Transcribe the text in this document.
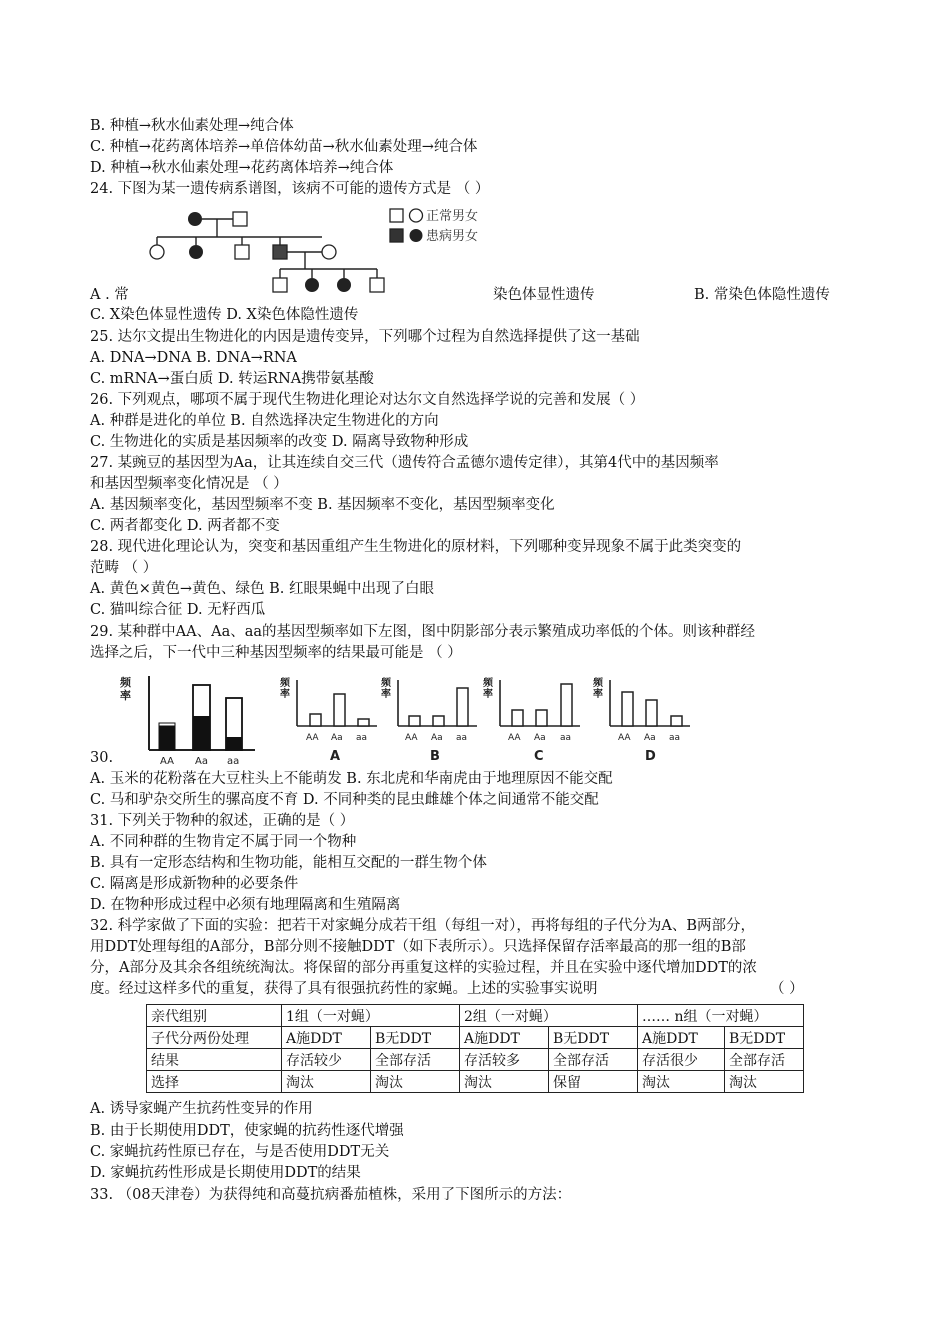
B. 种植→秋水仙素处理→纯合体
C. 种植→花药离体培养→单倍体幼苗→秋水仙素处理→纯合体
D. 种植→秋水仙素处理→花药离体培养→纯合体
24. 下图为某一遗传病系谱图，该病不可能的遗传方式是 （ ）
正常男女
患病男女
A . 常	染色体显性遗传	B. 常染色体隐性遗传
C. X染色体显性遗传 D. X染色体隐性遗传
25. 达尔文提出生物进化的内因是遗传变异，下列哪个过程为自然选择提供了这一基础
A. DNA→DNA B. DNA→RNA
C. mRNA→蛋白质 D. 转运RNA携带氨基酸
26. 下列观点，哪项不属于现代生物进化理论对达尔文自然选择学说的完善和发展（ ）
A. 种群是进化的单位 B. 自然选择决定生物进化的方向
C. 生物进化的实质是基因频率的改变 D. 隔离导致物种形成
27. 某豌豆的基因型为Aa，让其连续自交三代（遗传符合孟德尔遗传定律），其第4代中的基因频率
和基因型频率变化情况是 （ ）
A. 基因频率变化，基因型频率不变 B. 基因频率不变化，基因型频率变化
C. 两者都变化 D. 两者都不变
28. 现代进化理论认为，突变和基因重组产生生物进化的原材料，下列哪种变异现象不属于此类突变的
范畴 （ ）
A. 黄色×黄色→黄色、绿色 B. 红眼果蝇中出现了白眼
C. 猫叫综合征 D. 无籽西瓜
29. 某种群中AA、Aa、aa的基因型频率如下左图，图中阴影部分表示繁殖成功率低的个体。则该种群经
选择之后，下一代中三种基因型频率的结果最可能是 （ ）
频
率
AA Aa aa
频
率
AA Aa aa
A
频
率
AA Aa aa
B
频
率
AA Aa aa
C
频
率
AA Aa aa
D
30.
A. 玉米的花粉落在大豆柱头上不能萌发 B. 东北虎和华南虎由于地理原因不能交配
C. 马和驴杂交所生的骡高度不育 D. 不同种类的昆虫雌雄个体之间通常不能交配
31. 下列关于物种的叙述，正确的是（ ）
A. 不同种群的生物肯定不属于同一个物种
B. 具有一定形态结构和生物功能，能相互交配的一群生物个体
C. 隔离是形成新物种的必要条件
D. 在物种形成过程中必须有地理隔离和生殖隔离
32. 科学家做了下面的实验：把若干对家蝇分成若干组（每组一对），再将每组的子代分为A、B两部分，
用DDT处理每组的A部分，B部分则不接触DDT（如下表所示）。只选择保留存活率最高的那一组的B部
分，A部分及其余各组统统淘汰。将保留的部分再重复这样的实验过程，并且在实验中逐代增加DDT的浓
度。经过这样多代的重复，获得了具有很强抗药性的家蝇。上述的实验事实说明	（ ）
亲代组别	1组（一对蝇）		2组（一对蝇）		…… n组（一对蝇）	
子代分两份处理	A施DDT	B无DDT	A施DDT	B无DDT	A施DDT	B无DDT
结果	存活较少	全部存活	存活较多	全部存活	存活很少	全部存活
选择	淘汰	淘汰	淘汰	保留	淘汰	淘汰
A. 诱导家蝇产生抗药性变异的作用
B. 由于长期使用DDT，使家蝇的抗药性逐代增强
C. 家蝇抗药性原已存在，与是否使用DDT无关
D. 家蝇抗药性形成是长期使用DDT的结果
33. （08天津卷）为获得纯和高蔓抗病番茄植株，采用了下图所示的方法：
